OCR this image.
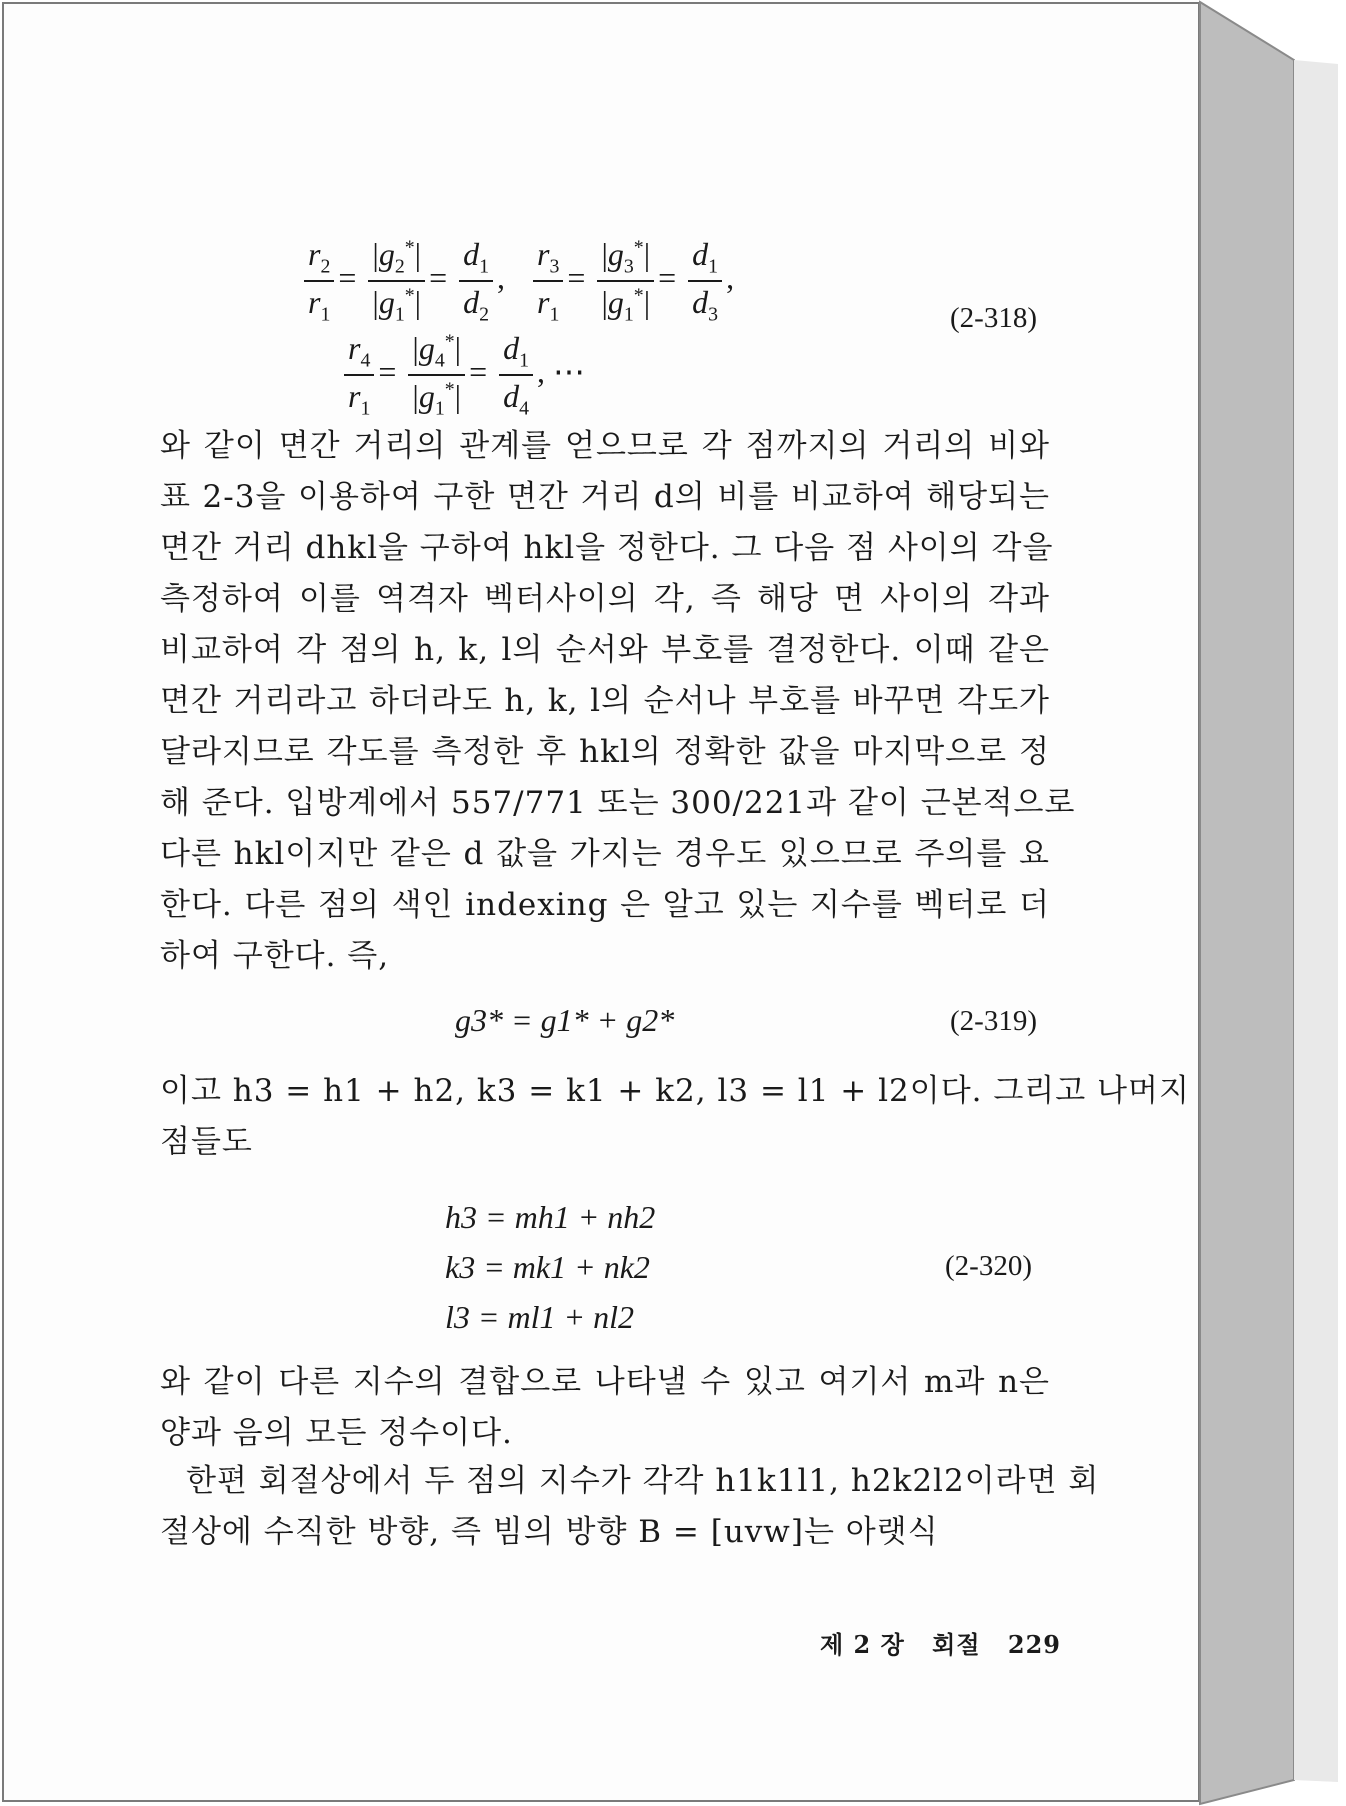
$\frac{r_2}{r_1} = \frac{|g_2^*|}{|g_1^*|} = \frac{d_1}{d_2}$ , $\frac{r_3}{r_1} = \frac{|g_3^*|}{|g_1^*|} = \frac{d_1}{d_3}$ ,
$\frac{r_4}{r_1} = \frac{|g_4^*|}{|g_1^*|} = \frac{d_1}{d_4}$ , ⋯
(2-318)
와 같이 면간 거리의 관계를 얻으므로 각 점까지의 거리의 비와
표 2-3을 이용하여 구한 면간 거리 d의 비를 비교하여 해당되는
면간 거리 dhkl을 구하여 hkl을 정한다. 그 다음 점 사이의 각을
측정하여 이를 역격자 벡터사이의 각, 즉 해당 면 사이의 각과
비교하여 각 점의 h, k, l의 순서와 부호를 결정한다. 이때 같은
면간 거리라고 하더라도 h, k, l의 순서나 부호를 바꾸면 각도가
달라지므로 각도를 측정한 후 hkl의 정확한 값을 마지막으로 정
해 준다. 입방계에서 557/771 또는 300/221과 같이 근본적으로
다른 hkl이지만 같은 d 값을 가지는 경우도 있으므로 주의를 요
한다. 다른 점의 색인 indexing 은 알고 있는 지수를 벡터로 더
하여 구한다. 즉,
g3* = g1* + g2*	(2-319)
이고 h3 = h1 + h2, k3 = k1 + k2, l3 = l1 + l2이다. 그리고 나머지
점들도
h3 = mh1 + nh2
k3 = mk1 + nk2
l3 = ml1 + nl2
(2-320)
와 같이 다른 지수의 결합으로 나타낼 수 있고 여기서 m과 n은
양과 음의 모든 정수이다.
한편 회절상에서 두 점의 지수가 각각 h1k1l1, h2k2l2이라면 회
절상에 수직한 방향, 즉 빔의 방향 B = [uvw]는 아랫식
제 2 장 회절 229
